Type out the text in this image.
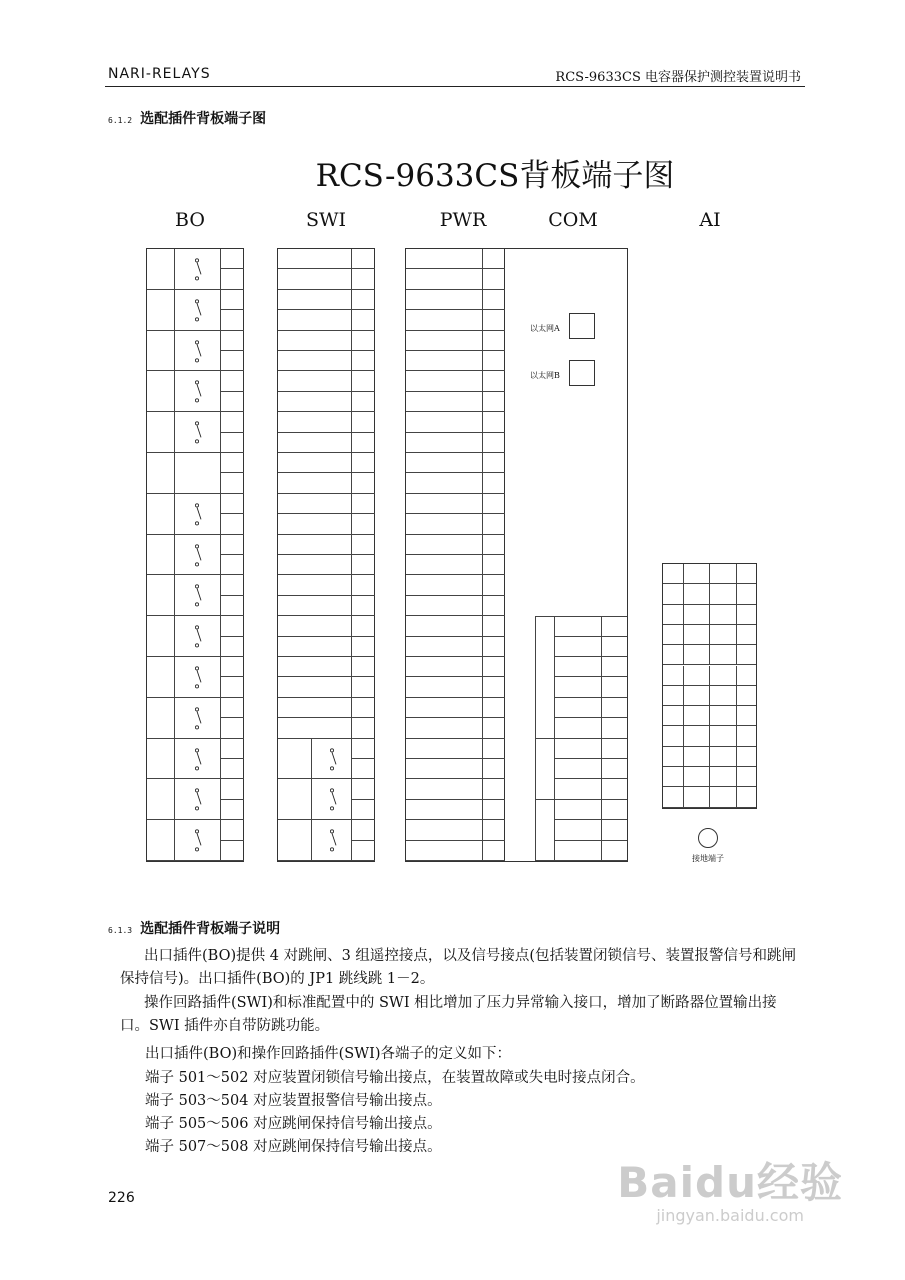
NARI-RELAYS	RCS-9633CS 电容器保护测控装置说明书
6.1.2 选配插件背板端子图
RCS-9633CS背板端子图
BO	SWI	PWR	COM	AI
以太网A
以太网B
接地端子
6.1.3 选配插件背板端子说明
出口插件(BO)提供 4 对跳闸、3 组遥控接点，以及信号接点(包括装置闭锁信号、装置报警信号和跳闸保持信号)。出口插件(BO)的 JP1 跳线跳 1－2。
操作回路插件(SWI)和标准配置中的 SWI 相比增加了压力异常输入接口，增加了断路器位置输出接口。SWI 插件亦自带防跳功能。
出口插件(BO)和操作回路插件(SWI)各端子的定义如下：
端子 501～502 对应装置闭锁信号输出接点，在装置故障或失电时接点闭合。
端子 503～504 对应装置报警信号输出接点。
端子 505～506 对应跳闸保持信号输出接点。
端子 507～508 对应跳闸保持信号输出接点。
226	Baidu经验
jingyan.baidu.com
